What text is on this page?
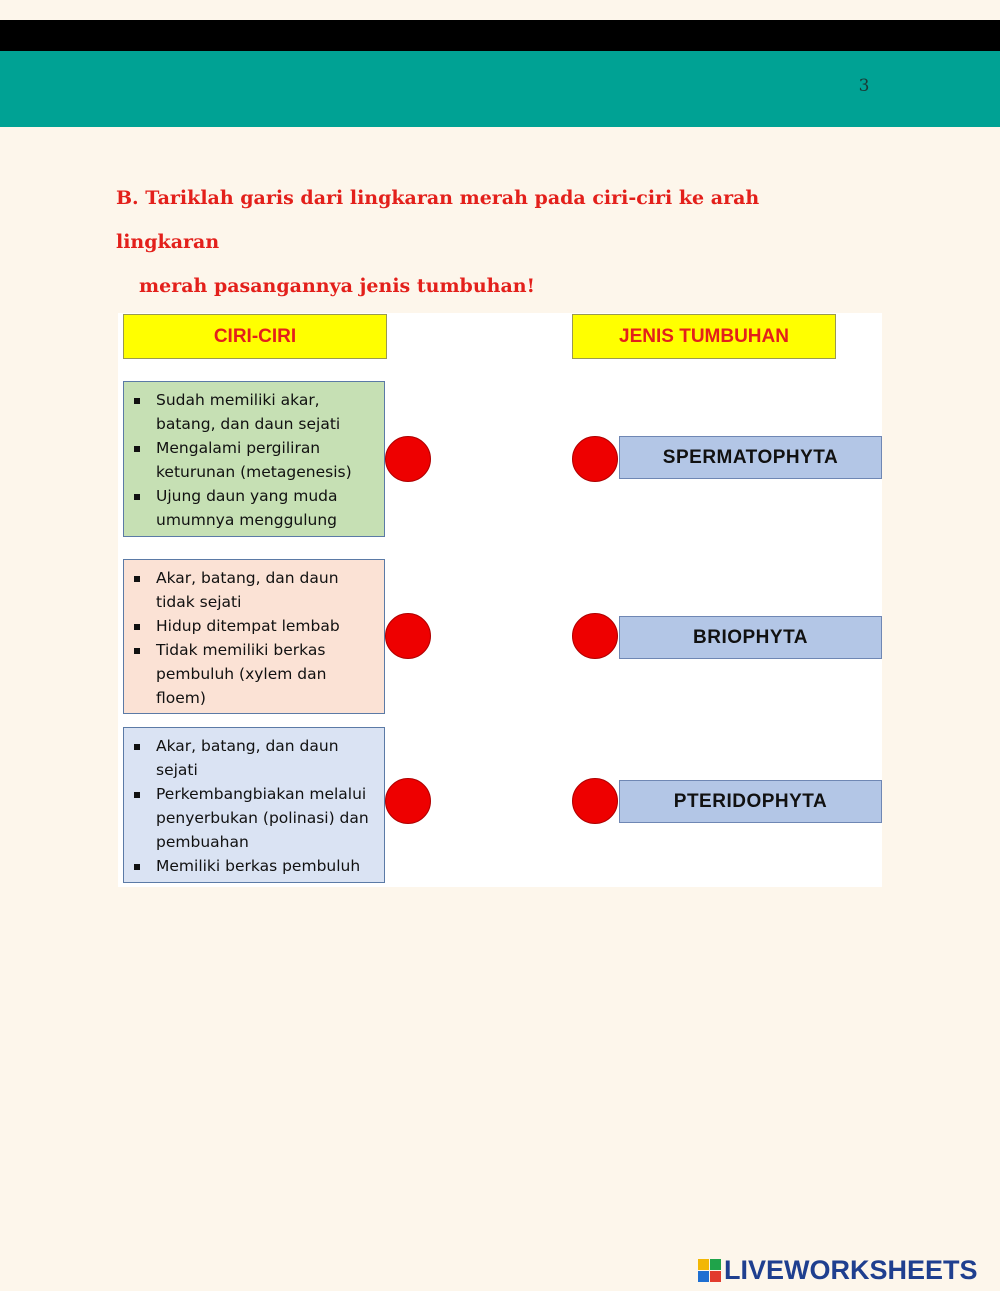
3
B. Tariklah garis dari lingkaran merah pada ciri-ciri ke arah lingkaran
merah pasangannya jenis tumbuhan!
CIRI-CIRI	JENIS TUMBUHAN
Sudah memiliki akar, batang, dan daun sejati
Mengalami pergiliran keturunan (metagenesis)
Ujung daun yang muda umumnya menggulung
Akar, batang, dan daun tidak sejati
Hidup ditempat lembab
Tidak memiliki berkas pembuluh (xylem dan floem)
Akar, batang, dan daun sejati
Perkembangbiakan melalui penyerbukan (polinasi) dan pembuahan
Memiliki berkas pembuluh
SPERMATOPHYTA
BRIOPHYTA
PTERIDOPHYTA
LIVEWORKSHEETS
